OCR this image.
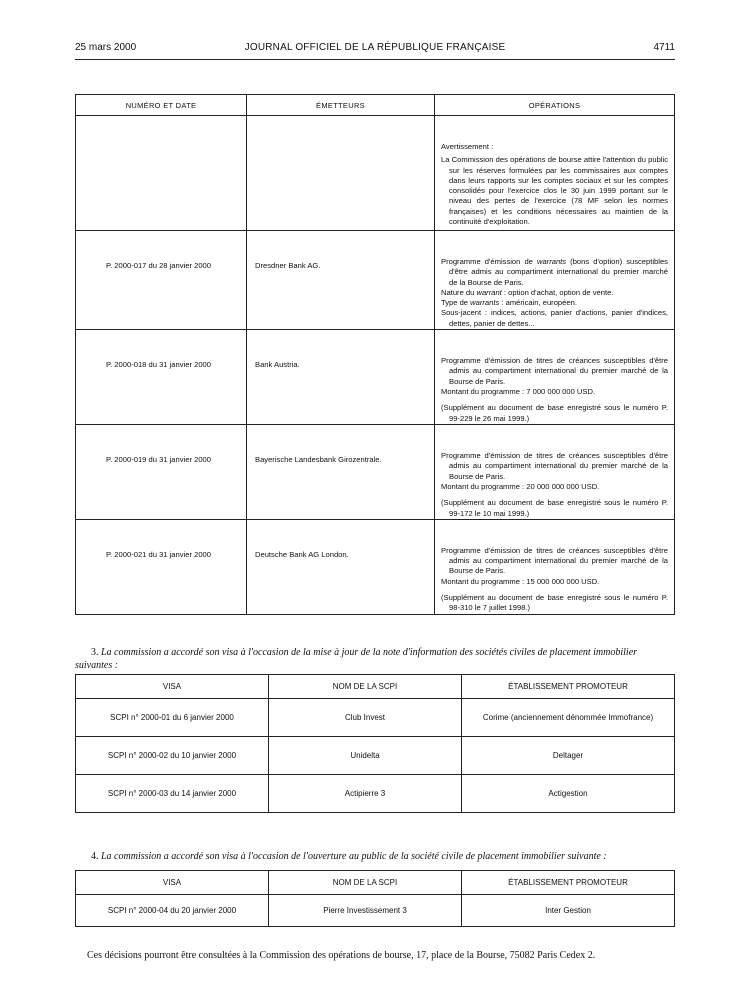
25 mars 2000	JOURNAL OFFICIEL DE LA RÉPUBLIQUE FRANÇAISE	4711
NUMÉRO ET DATE	ÉMETTEURS	OPÉRATIONS

		Avertissement :

La Commission des opérations de bourse attire l'attention du public sur les réserves formulées par les commissaires aux comptes dans leurs rapports sur les comptes sociaux et sur les comptes consolidés pour l'exercice clos le 30 juin 1999 portant sur le niveau des pertes de l'exercice (78 MF selon les normes françaises) et les conditions nécessaires au maintien de la continuité d'exploitation.

P. 2000-017 du 28 janvier 2000	Dresdner Bank AG.	Programme d'émission de warrants (bons d'option) susceptibles d'être admis au compartiment international du premier marché de la Bourse de Paris.

Nature du warrant : option d'achat, option de vente.

Type de warrants : américain, européen.

Sous-jacent : indices, actions, panier d'actions, panier d'indices, dettes, panier de dettes...

P. 2000-018 du 31 janvier 2000	Bank Austria.	Programme d'émission de titres de créances susceptibles d'être admis au compartiment international du premier marché de la Bourse de Paris.

Montant du programme : 7 000 000 000 USD.

(Supplément au document de base enregistré sous le numéro P. 99-229 le 26 mai 1999.)

P. 2000-019 du 31 janvier 2000	Bayerische Landesbank Girozentrale.	Programme d'émission de titres de créances susceptibles d'être admis au compartiment international du premier marché de la Bourse de Paris.

Montant du programme : 20 000 000 000 USD.

(Supplément au document de base enregistré sous le numéro P. 99-172 le 10 mai 1999.)

P. 2000-021 du 31 janvier 2000	Deutsche Bank AG London.	Programme d'émission de titres de créances susceptibles d'être admis au compartiment international du premier marché de la Bourse de Paris.

Montant du programme : 15 000 000 000 USD.

(Supplément au document de base enregistré sous le numéro P. 98-310 le 7 juillet 1998.)

3. La commission a accordé son visa à l'occasion de la mise à jour de la note d'information des sociétés civiles de placement immobilier suivantes :

VISA	NOM DE LA SCPI	ÉTABLISSEMENT PROMOTEUR
SCPI n° 2000-01 du 6 janvier 2000	Club Invest	Corime (anciennement dénommée Immofrance)
SCPI n° 2000-02 du 10 janvier 2000	Unidelta	Deltager
SCPI n° 2000-03 du 14 janvier 2000	Actipierre 3	Actigestion

4. La commission a accordé son visa à l'occasion de l'ouverture au public de la société civile de placement immobilier suivante :

VISA	NOM DE LA SCPI	ÉTABLISSEMENT PROMOTEUR
SCPI n° 2000-04 du 20 janvier 2000	Pierre Investissement 3	Inter Gestion

Ces décisions pourront être consultées à la Commission des opérations de bourse, 17, place de la Bourse, 75082 Paris Cedex 2.
